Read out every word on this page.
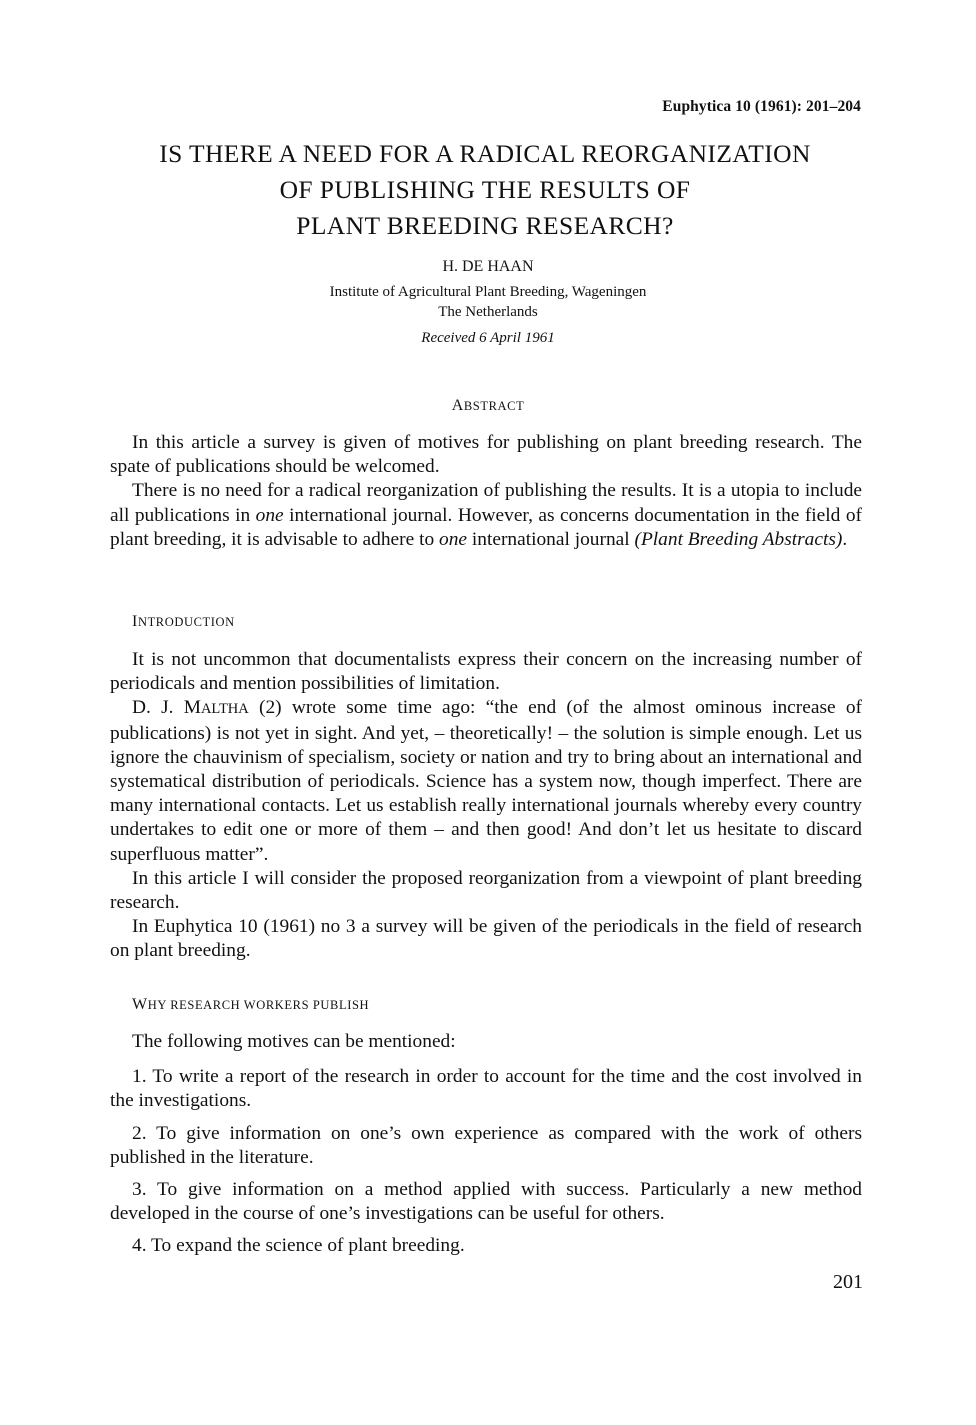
Euphytica 10 (1961): 201–204
IS THERE A NEED FOR A RADICAL REORGANIZATION
OF PUBLISHING THE RESULTS OF
PLANT BREEDING RESEARCH?
H. DE HAAN
Institute of Agricultural Plant Breeding, Wageningen
The Netherlands
Received 6 April 1961
ABSTRACT

In this article a survey is given of motives for publishing on plant breeding research. The spate of publications should be welcomed.

There is no need for a radical reorganization of publishing the results. It is a utopia to include all publications in one international journal. However, as concerns documentation in the field of plant breeding, it is advisable to adhere to one international journal (Plant Breeding Abstracts).

INTRODUCTION

It is not uncommon that documentalists express their concern on the increasing number of periodicals and mention possibilities of limitation.

D. J. MALTHA (2) wrote some time ago: “the end (of the almost ominous increase of publications) is not yet in sight. And yet, – theoretically! – the solution is simple enough. Let us ignore the chauvinism of specialism, society or nation and try to bring about an international and systematical distribution of periodicals. Science has a system now, though imperfect. There are many international contacts. Let us establish really international journals whereby every country undertakes to edit one or more of them – and then good! And don’t let us hesitate to discard superfluous matter”.

In this article I will consider the proposed reorganization from a viewpoint of plant breeding research.

In Euphytica 10 (1961) no 3 a survey will be given of the periodicals in the field of research on plant breeding.

WHY RESEARCH WORKERS PUBLISH

The following motives can be mentioned:

1. To write a report of the research in order to account for the time and the cost involved in the investigations.

2. To give information on one’s own experience as compared with the work of others published in the literature.

3. To give information on a method applied with success. Particularly a new method developed in the course of one’s investigations can be useful for others.

4. To expand the science of plant breeding.

201
